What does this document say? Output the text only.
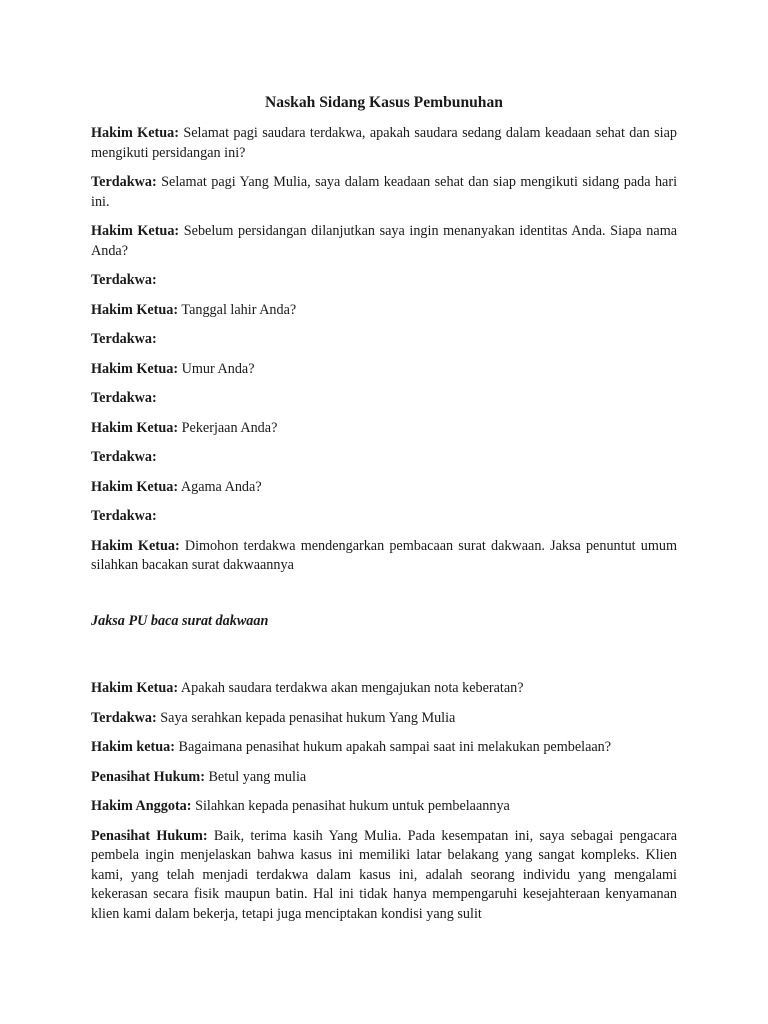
Naskah Sidang Kasus Pembunuhan
Hakim Ketua: Selamat pagi saudara terdakwa, apakah saudara sedang dalam keadaan sehat dan siap mengikuti persidangan ini?
Terdakwa: Selamat pagi Yang Mulia, saya dalam keadaan sehat dan siap mengikuti sidang pada hari ini.
Hakim Ketua: Sebelum persidangan dilanjutkan saya ingin menanyakan identitas Anda. Siapa nama Anda?
Terdakwa:
Hakim Ketua: Tanggal lahir Anda?
Terdakwa:
Hakim Ketua: Umur Anda?
Terdakwa:
Hakim Ketua: Pekerjaan Anda?
Terdakwa:
Hakim Ketua: Agama Anda?
Terdakwa:
Hakim Ketua: Dimohon terdakwa mendengarkan pembacaan surat dakwaan. Jaksa penuntut umum silahkan bacakan surat dakwaannya
Jaksa PU baca surat dakwaan
Hakim Ketua: Apakah saudara terdakwa akan mengajukan nota keberatan?
Terdakwa: Saya serahkan kepada penasihat hukum Yang Mulia
Hakim ketua: Bagaimana penasihat hukum apakah sampai saat ini melakukan pembelaan?
Penasihat Hukum: Betul yang mulia
Hakim Anggota: Silahkan kepada penasihat hukum untuk pembelaannya
Penasihat Hukum: Baik, terima kasih Yang Mulia. Pada kesempatan ini, saya sebagai pengacara pembela ingin menjelaskan bahwa kasus ini memiliki latar belakang yang sangat kompleks. Klien kami, yang telah menjadi terdakwa dalam kasus ini, adalah seorang individu yang mengalami kekerasan secara fisik maupun batin. Hal ini tidak hanya mempengaruhi kesejahteraan kenyamanan klien kami dalam bekerja, tetapi juga menciptakan kondisi yang sulit
